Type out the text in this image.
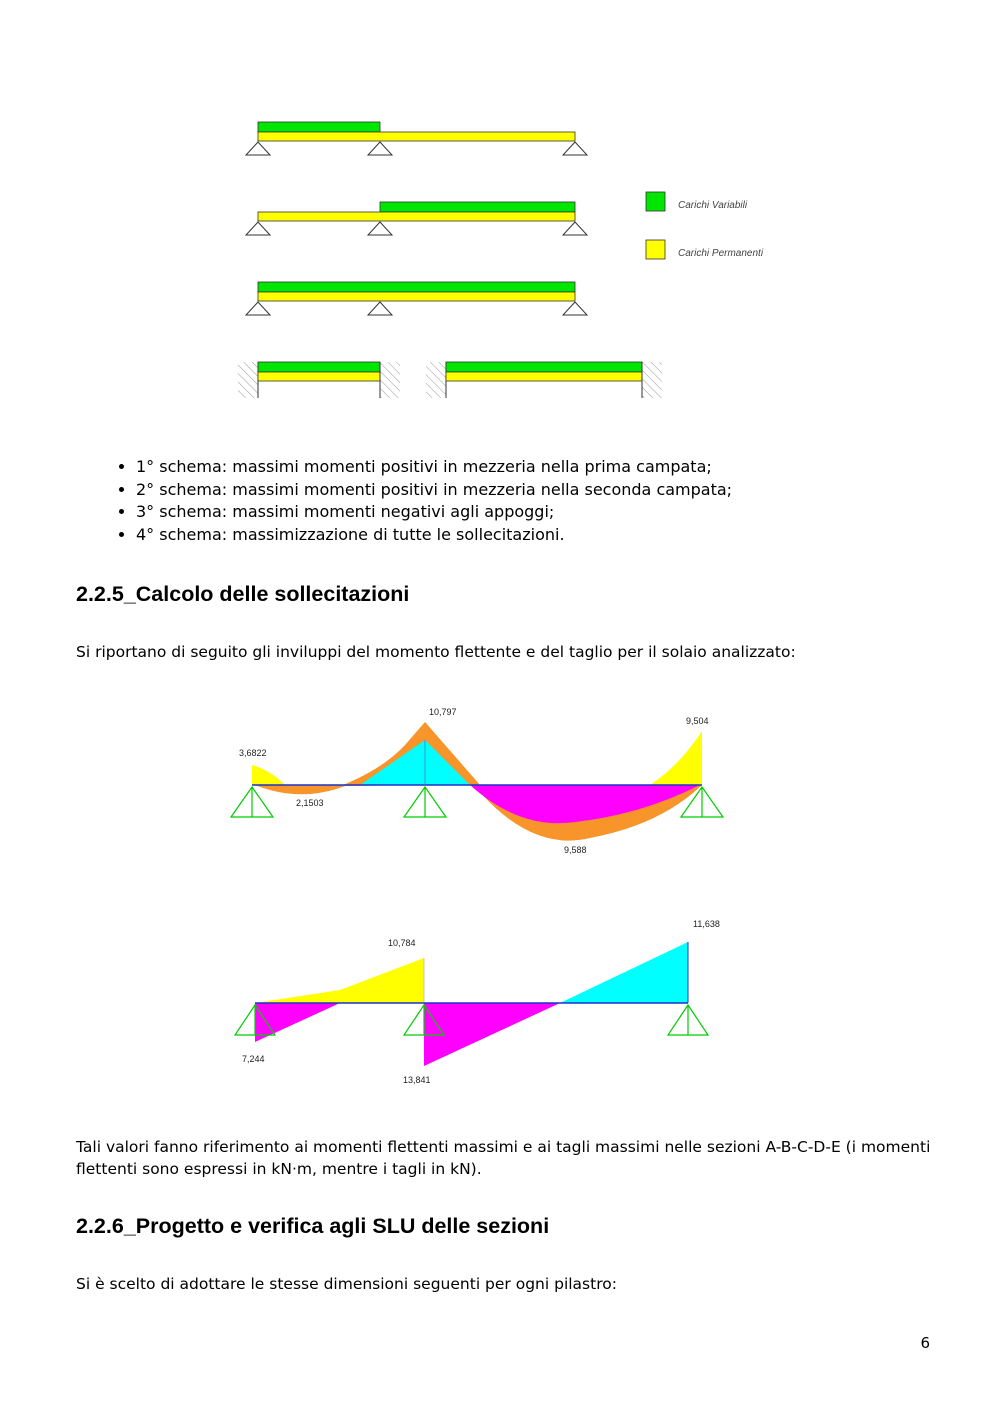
Carichi Variabili
Carichi Permanenti
• 1° schema: massimi momenti positivi in mezzeria nella prima campata;
• 2° schema: massimi momenti positivi in mezzeria nella seconda campata;
• 3° schema: massimi momenti negativi agli appoggi;
• 4° schema: massimizzazione di tutte le sollecitazioni.
2.2.5_Calcolo delle sollecitazioni

Si riportano di seguito gli inviluppi del momento flettente e del taglio per il solaio analizzato:

3,6822
2,1503
10,797
9,504
9,588
10,784
11,638
7,244
13,841

Tali valori fanno riferimento ai momenti flettenti massimi e ai tagli massimi nelle sezioni A-B-C-D-E (i momenti flettenti sono espressi in kN·m, mentre i tagli in kN).

2.2.6_Progetto e verifica agli SLU delle sezioni

Si è scelto di adottare le stesse dimensioni seguenti per ogni pilastro:

6
